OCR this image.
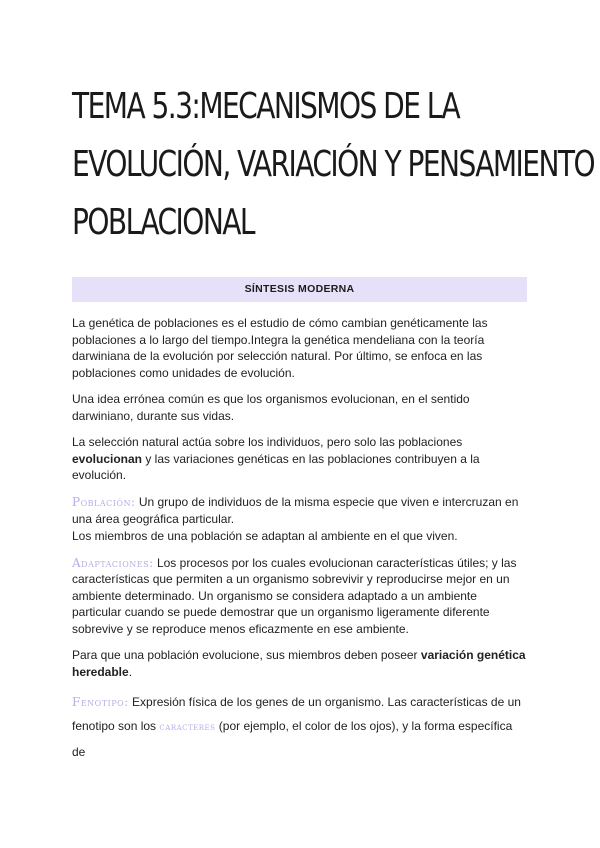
TEMA 5.3:MECANISMOS DE LA
EVOLUCIÓN, VARIACIÓN Y PENSAMIENTO
POBLACIONAL
SÍNTESIS MODERNA

La genética de poblaciones es el estudio de cómo cambian genéticamente las poblaciones a lo largo del tiempo.Integra la genética mendeliana con la teoría darwiniana de la evolución por selección natural. Por último, se enfoca en las poblaciones como unidades de evolución.

Una idea errónea común es que los organismos evolucionan, en el sentido darwiniano, durante sus vidas.

La selección natural actúa sobre los individuos, pero solo las poblaciones evolucionan y las variaciones genéticas en las poblaciones contribuyen a la evolución.

Población: Un grupo de individuos de la misma especie que viven e intercruzan en una área geográfica particular.
Los miembros de una población se adaptan al ambiente en el que viven.

Adaptaciones: Los procesos por los cuales evolucionan características útiles; y las características que permiten a un organismo sobrevivir y reproducirse mejor en un ambiente determinado. Un organismo se considera adaptado a un ambiente particular cuando se puede demostrar que un organismo ligeramente diferente sobrevive y se reproduce menos eficazmente en ese ambiente.

Para que una población evolucione, sus miembros deben poseer variación genética heredable.

Fenotipo: Expresión física de los genes de un organismo. Las características de un fenotipo son los caracteres (por ejemplo, el color de los ojos), y la forma específica de
